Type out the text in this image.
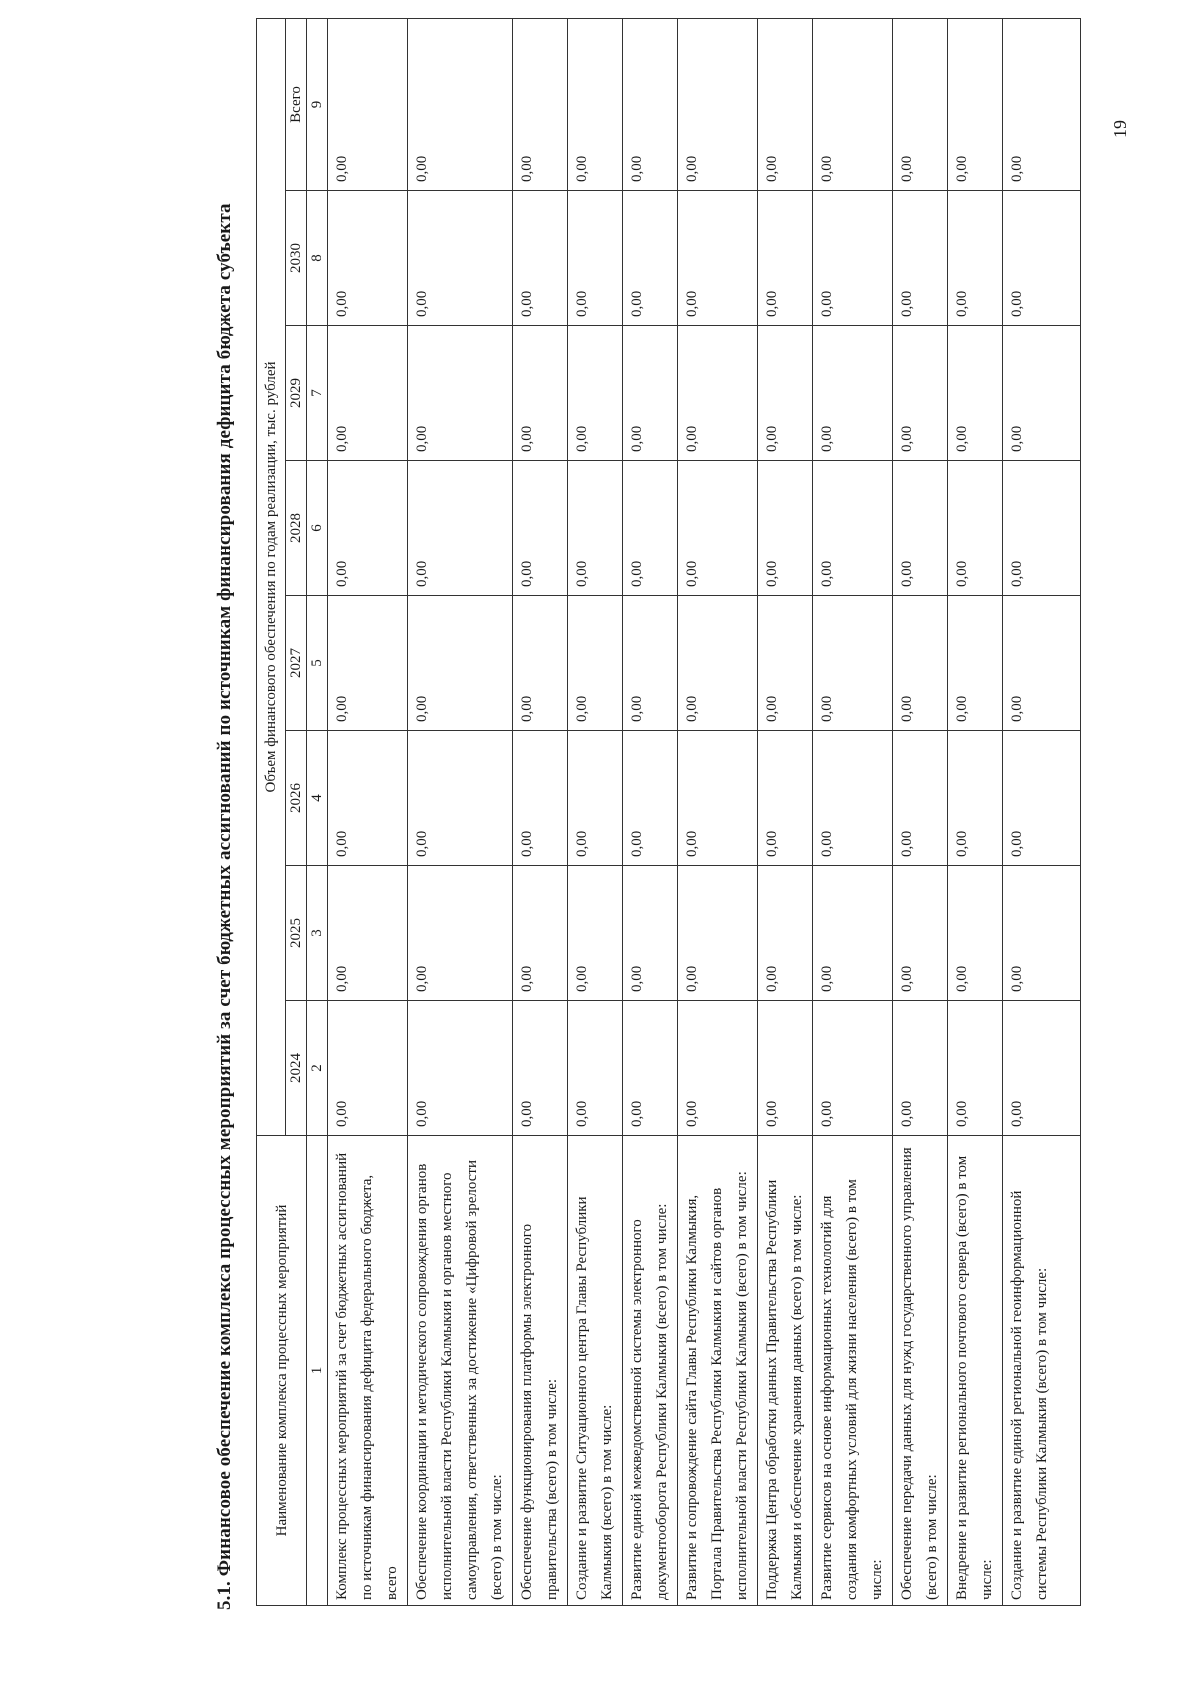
5.1. Финансовое обеспечение комплекса процессных мероприятий за счет бюджетных ассигнований по источникам финансирования дефицита бюджета субъекта	Наименование комплекса процессных мероприятий	Объем финансового обеспечения по годам реализации, тыс. рублей							
	2024	2025	2026	2027	2028	2029	2030	Всего
1	2	3	4	5	6	7	8	9
Комплекс процессных мероприятий за счет бюджетных ассигнований по источникам финансирования дефицита федерального бюджета, всего	0,00	0,00	0,00	0,00	0,00	0,00	0,00	0,00
Обеспечение координации и методического сопровождения органов исполнительной власти Республики Калмыкия и органов местного самоуправления, ответственных за достижение «Цифровой зрелости (всего) в том числе:	0,00	0,00	0,00	0,00	0,00	0,00	0,00	0,00
Обеспечение функционирования платформы электронного правительства (всего) в том числе:	0,00	0,00	0,00	0,00	0,00	0,00	0,00	0,00
Создание и развитие Ситуационного центра Главы Республики Калмыкия (всего) в том числе:	0,00	0,00	0,00	0,00	0,00	0,00	0,00	0,00
Развитие единой межведомственной системы электронного документооборота Республики Калмыкия (всего) в том числе:	0,00	0,00	0,00	0,00	0,00	0,00	0,00	0,00
Развитие и сопровождение сайта Главы Республики Калмыкия, Портала Правительства Республики Калмыкия и сайтов органов исполнительной власти Республики Калмыкия (всего) в том числе:	0,00	0,00	0,00	0,00	0,00	0,00	0,00	0,00
Поддержка Центра обработки данных Правительства Республики Калмыкия и обеспечение хранения данных (всего) в том числе:	0,00	0,00	0,00	0,00	0,00	0,00	0,00	0,00
Развитие сервисов на основе информационных технологий для создания комфортных условий для жизни населения (всего) в том числе:	0,00	0,00	0,00	0,00	0,00	0,00	0,00	0,00
Обеспечение передачи данных для нужд государственного управления (всего) в том числе:	0,00	0,00	0,00	0,00	0,00	0,00	0,00	0,00
Внедрение и развитие регионального почтового сервера (всего) в том числе:	0,00	0,00	0,00	0,00	0,00	0,00	0,00	0,00
Создание и развитие единой региональной геоинформационной системы Республики Калмыкия (всего) в том числе:	0,00	0,00	0,00	0,00	0,00	0,00	0,00	0,00
19
